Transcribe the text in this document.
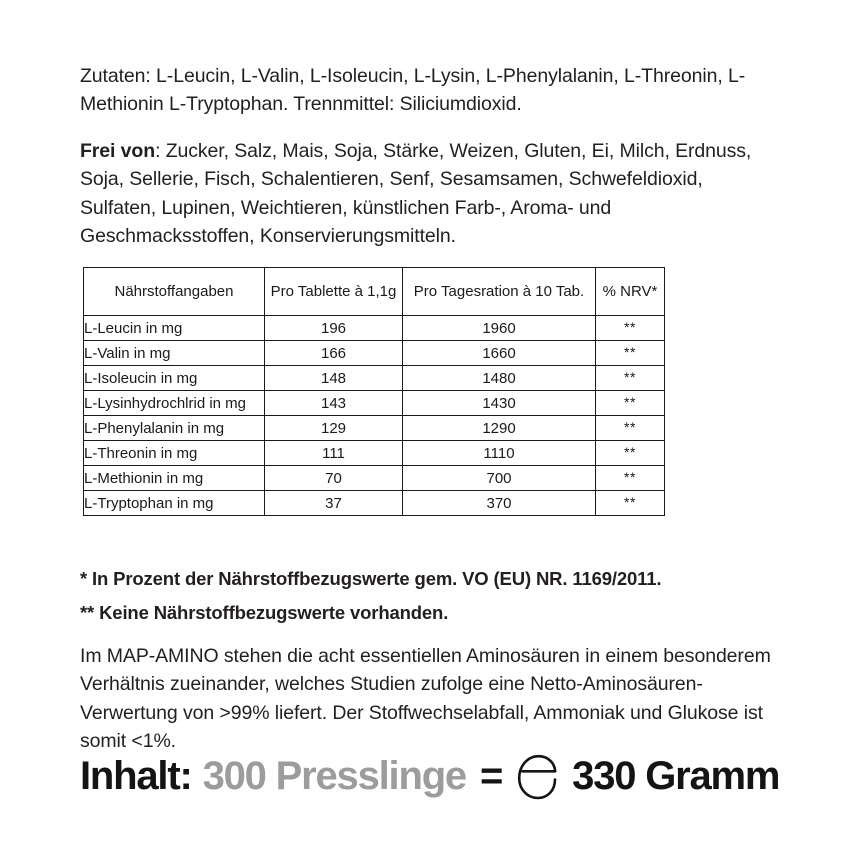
Zutaten: L-Leucin, L-Valin, L-Isoleucin, L-Lysin, L-Phenylalanin, L-Threonin, L-Methionin L-Tryptophan. Trennmittel: Siliciumdioxid.

Frei von: Zucker, Salz, Mais, Soja, Stärke, Weizen, Gluten, Ei, Milch, Erdnuss, Soja, Sellerie, Fisch, Schalentieren, Senf, Sesamsamen, Schwefeldioxid, Sulfaten, Lupinen, Weichtieren, künstlichen Farb-, Aroma- und Geschmacksstoffen, Konservierungsmitteln.

Nährstoffangaben	Pro Tablette à 1,1g	Pro Tagesration à 10 Tab.	% NRV*
L-Leucin in mg	196	1960	**
L-Valin in mg	166	1660	**
L-Isoleucin in mg	148	1480	**
L-Lysinhydrochlrid in mg	143	1430	**
L-Phenylalanin in mg	129	1290	**
L-Threonin in mg	111	1110	**
L-Methionin in mg	70	700	**
L-Tryptophan in mg	37	370	**

* In Prozent der Nährstoffbezugswerte gem. VO (EU) NR. 1169/2011.

** Keine Nährstoffbezugswerte vorhanden.

Im MAP-AMINO stehen die acht essentiellen Aminosäuren in einem besonderem Verhältnis zueinander, welches Studien zufolge eine Netto-Aminosäuren-Verwertung von >99% liefert. Der Stoffwechselabfall, Ammoniak und Glukose ist somit <1%.

Inhalt: 300 Presslinge = 330 Gramm
